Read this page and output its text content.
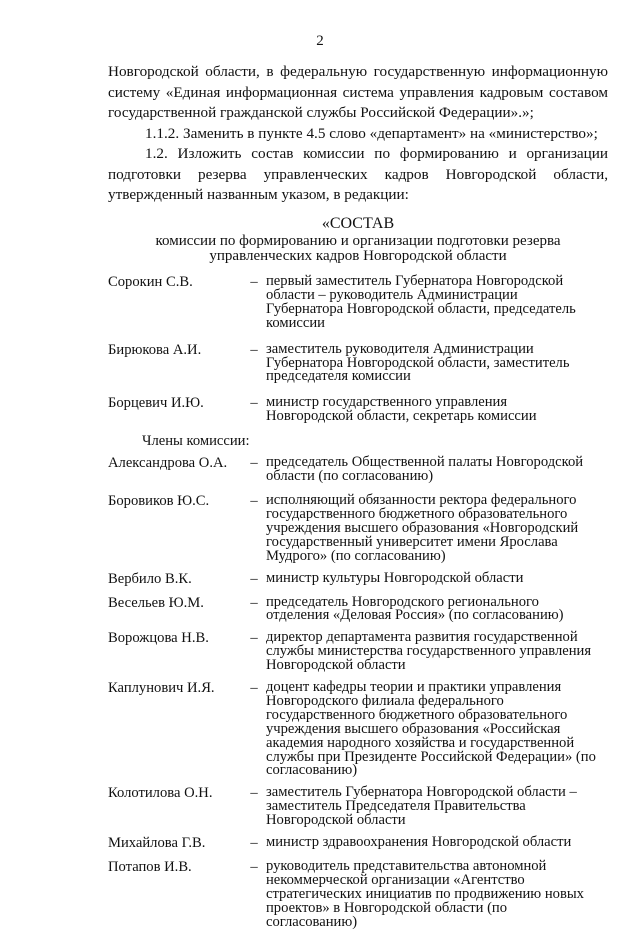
2

Новгородской области, в федеральную государственную информационную систему «Единая информационная система управления кадровым составом государственной гражданской службы Российской Федерации».»;

1.1.2. Заменить в пункте 4.5 слово «департамент» на «министерство»;

1.2. Изложить состав комиссии по формированию и организации подготовки резерва управленческих кадров Новгородской области, утвержденный названным указом, в редакции:

«СОСТАВ
комиссии по формированию и организации подготовки резерва
управленческих кадров Новгородской области
Сорокин С.В.	– первый заместитель Губернатора Новгородской области – руководитель Администрации Губернатора Новгородской области, председатель комиссии
Бирюкова А.И.	– заместитель руководителя Администрации Губернатора Новгородской области, заместитель председателя комиссии
Борцевич И.Ю.	– министр государственного управления Новгородской области, секретарь комиссии
Члены комиссии:
Александрова О.А.	– председатель Общественной палаты Новгородской области (по согласованию)
Боровиков Ю.С.	– исполняющий обязанности ректора федерального государственного бюджетного образовательного учреждения высшего образования «Новгородский государственный университет имени Ярослава Мудрого» (по согласованию)
Вербило В.К.	– министр культуры Новгородской области
Весельев Ю.М.	– председатель Новгородского регионального отделения «Деловая Россия» (по согласованию)
Ворожцова Н.В.	– директор департамента развития государственной службы министерства государственного управления Новгородской области
Каплунович И.Я.	– доцент кафедры теории и практики управления Новгородского филиала федерального государственного бюджетного образовательного учреждения высшего образования «Российская академия народного хозяйства и государственной службы при Президенте Российской Федерации» (по согласованию)
Колотилова О.Н.	– заместитель Губернатора Новгородской области – заместитель Председателя Правительства Новгородской области
Михайлова Г.В.	– министр здравоохранения Новгородской области
Потапов И.В.	– руководитель представительства автономной некоммерческой организации «Агентство стратегических инициатив по продвижению новых проектов» в Новгородской области (по согласованию)
